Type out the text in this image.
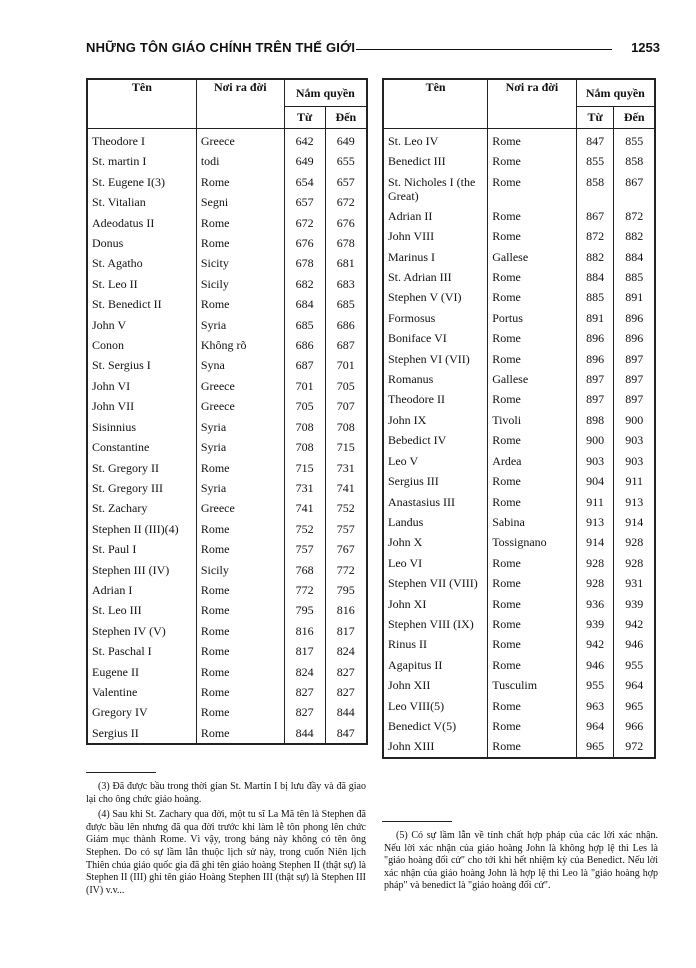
NHỮNG TÔN GIÁO CHÍNH TRÊN THẾ GIỚI	1253
Tên	Nơi ra đời	Nắm quyền	
		Từ	Đến
Theodore I	Greece	642	649
St. martin I	todi	649	655
St. Eugene I(3)	Rome	654	657
St. Vitalian	Segni	657	672
Adeodatus II	Rome	672	676
Donus	Rome	676	678
St. Agatho	Sicity	678	681
St. Leo II	Sicily	682	683
St. Benedict II	Rome	684	685
John V	Syria	685	686
Conon	Không rõ	686	687
St. Sergius I	Syna	687	701
John VI	Greece	701	705
John VII	Greece	705	707
Sisinnius	Syria	708	708
Constantine	Syria	708	715
St. Gregory II	Rome	715	731
St. Gregory III	Syria	731	741
St. Zachary	Greece	741	752
Stephen II (III)(4)	Rome	752	757
St. Paul I	Rome	757	767
Stephen III (IV)	Sicily	768	772
Adrian I	Rome	772	795
St. Leo III	Rome	795	816
Stephen IV (V)	Rome	816	817
St. Paschal I	Rome	817	824
Eugene II	Rome	824	827
Valentine	Rome	827	827
Gregory IV	Rome	827	844
Sergius II	Rome	844	847
Tên	Nơi ra đời	Nắm quyền	
		Từ	Đến
St. Leo IV	Rome	847	855
Benedict III	Rome	855	858
St. Nicholes I (the Great)	Rome	858	867
Adrian II	Rome	867	872
John VIII	Rome	872	882
Marinus I	Gallese	882	884
St. Adrian III	Rome	884	885
Stephen V (VI)	Rome	885	891
Formosus	Portus	891	896
Boniface VI	Rome	896	896
Stephen VI (VII)	Rome	896	897
Romanus	Gallese	897	897
Theodore II	Rome	897	897
John IX	Tivoli	898	900
Bebedict IV	Rome	900	903
Leo V	Ardea	903	903
Sergius III	Rome	904	911
Anastasius III	Rome	911	913
Landus	Sabina	913	914
John X	Tossignano	914	928
Leo VI	Rome	928	928
Stephen VII (VIII)	Rome	928	931
John XI	Rome	936	939
Stephen VIII (IX)	Rome	939	942
Rinus II	Rome	942	946
Agapitus II	Rome	946	955
John XII	Tusculim	955	964
Leo VIII(5)	Rome	963	965
Benedict V(5)	Rome	964	966
John XIII	Rome	965	972

(3) Đã được bầu trong thời gian St. Martin I bị lưu đầy và đã giao lại cho ông chức giáo hoàng.

(4) Sau khi St. Zachary qua đời, một tu sĩ La Mã tên là Stephen đã được bầu lên nhưng đã qua đời trước khi làm lễ tôn phong lên chức Giám mục thành Rome. Vì vậy, trong bảng này không có tên ông Stephen. Do có sự lầm lẫn thuộc lịch sử này, trong cuốn Niên lịch Thiên chúa giáo quốc gia đã ghi tên giáo hoàng Stephen II (thật sự) là Stephen II (III) ghi tên giáo Hoàng Stephen III (thật sự) là Stephen III (IV) v.v...

(5) Có sự lầm lẫn về tính chất hợp pháp của các lời xác nhận. Nếu lời xác nhận của giáo hoàng John là không hợp lệ thì Les là "giáo hoàng đối cử" cho tới khi hết nhiệm kỳ của Benedict. Nếu lời xác nhận của giáo hoàng John là hợp lệ thì Leo là "giáo hoàng hợp pháp" và benedict là "giáo hoàng đối cử".
